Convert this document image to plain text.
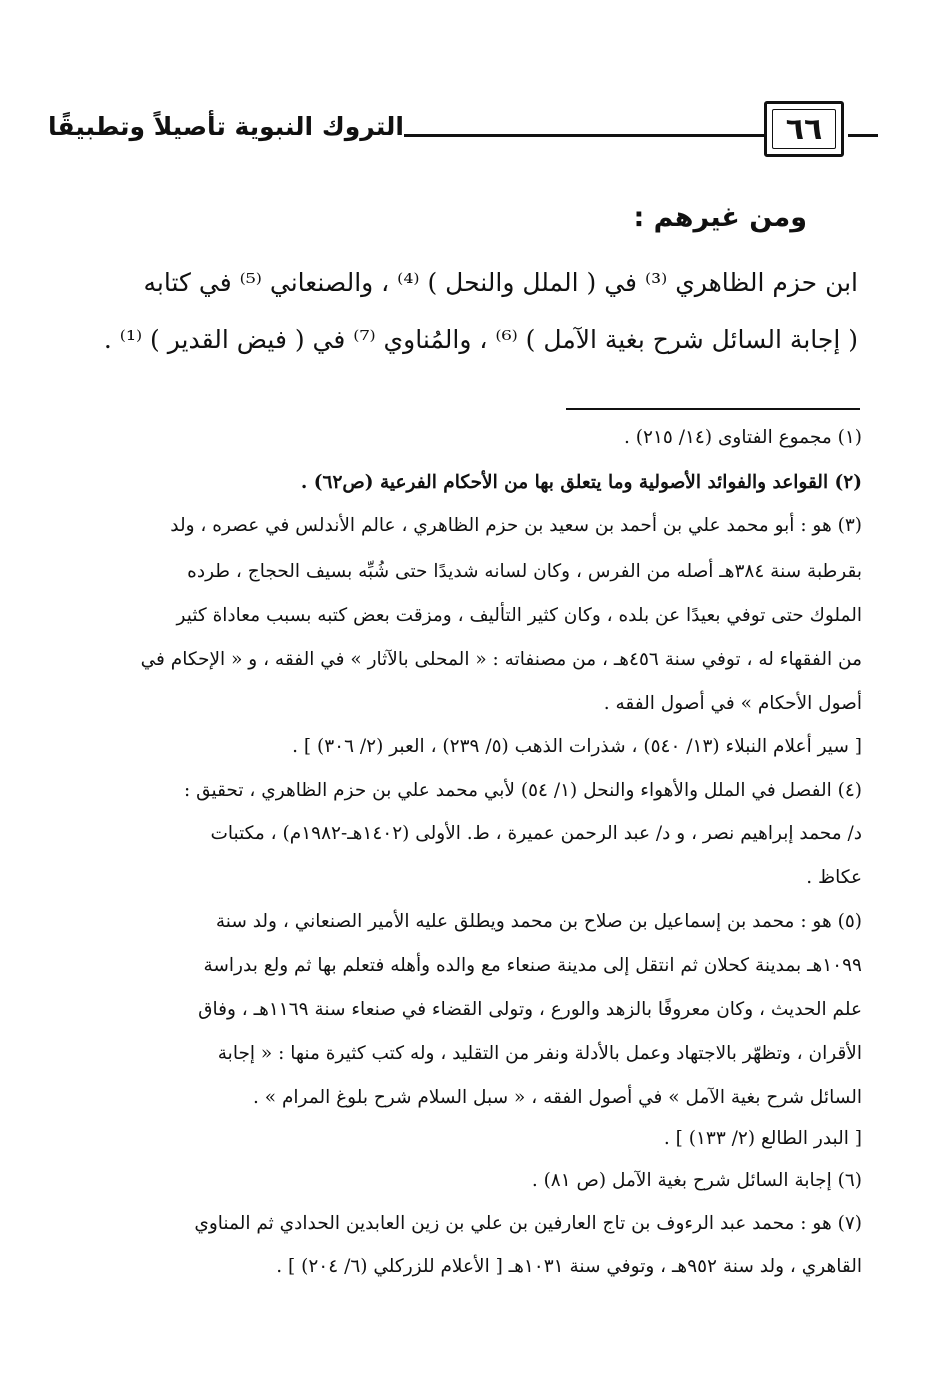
٦٦
التروك النبوية تأصيلاً وتطبيقًا
ومن غيرهم :
ابن حزم الظاهري ⁽³⁾ في ( الملل والنحل ) ⁽⁴⁾ ، والصنعاني ⁽⁵⁾ في كتابه
( إجابة السائل شرح بغية الآمل ) ⁽⁶⁾ ، والمُناوي ⁽⁷⁾ في ( فيض القدير ) ⁽¹⁾ .
(١) مجموع الفتاوى (١٤/ ٢١٥) .
(٢) القواعد والفوائد الأصولية وما يتعلق بها من الأحكام الفرعية (ص٦٢) .
(٣) هو : أبو محمد علي بن أحمد بن سعيد بن حزم الظاهري ، عالم الأندلس في عصره ، ولد
بقرطبة سنة ٣٨٤هـ أصله من الفرس ، وكان لسانه شديدًا حتى شُبِّه بسيف الحجاج ، طرده
الملوك حتى توفي بعيدًا عن بلده ، وكان كثير التأليف ، ومزقت بعض كتبه بسبب معاداة كثير
من الفقهاء له ، توفي سنة ٤٥٦هـ ، من مصنفاته : « المحلى بالآثار » في الفقه ، و « الإحكام في
أصول الأحكام » في أصول الفقه .
[ سير أعلام النبلاء (١٣/ ٥٤٠) ، شذرات الذهب (٥/ ٢٣٩) ، العبر (٢/ ٣٠٦) ] .
(٤) الفصل في الملل والأهواء والنحل (١/ ٥٤) لأبي محمد علي بن حزم الظاهري ، تحقيق :
د/ محمد إبراهيم نصر ، و د/ عبد الرحمن عميرة ، ط. الأولى (١٤٠٢هـ-١٩٨٢م) ، مكتبات
عكاظ .
(٥) هو : محمد بن إسماعيل بن صلاح بن محمد ويطلق عليه الأمير الصنعاني ، ولد سنة
١٠٩٩هـ بمدينة كحلان ثم انتقل إلى مدينة صنعاء مع والده وأهله فتعلم بها ثم ولع بدراسة
علم الحديث ، وكان معروفًا بالزهد والورع ، وتولى القضاء في صنعاء سنة ١١٦٩هـ ، وفاق
الأقران ، وتظهّر بالاجتهاد وعمل بالأدلة ونفر من التقليد ، وله كتب كثيرة منها : « إجابة
السائل شرح بغية الآمل » في أصول الفقه ، « سبل السلام شرح بلوغ المرام » .
[ البدر الطالع (٢/ ١٣٣) ] .
(٦) إجابة السائل شرح بغية الآمل (ص ٨١) .
(٧) هو : محمد عبد الرءوف بن تاج العارفين بن علي بن زين العابدين الحدادي ثم المناوي
القاهري ، ولد سنة ٩٥٢هـ ، وتوفي سنة ١٠٣١هـ [ الأعلام للزركلي (٦/ ٢٠٤) ] .
